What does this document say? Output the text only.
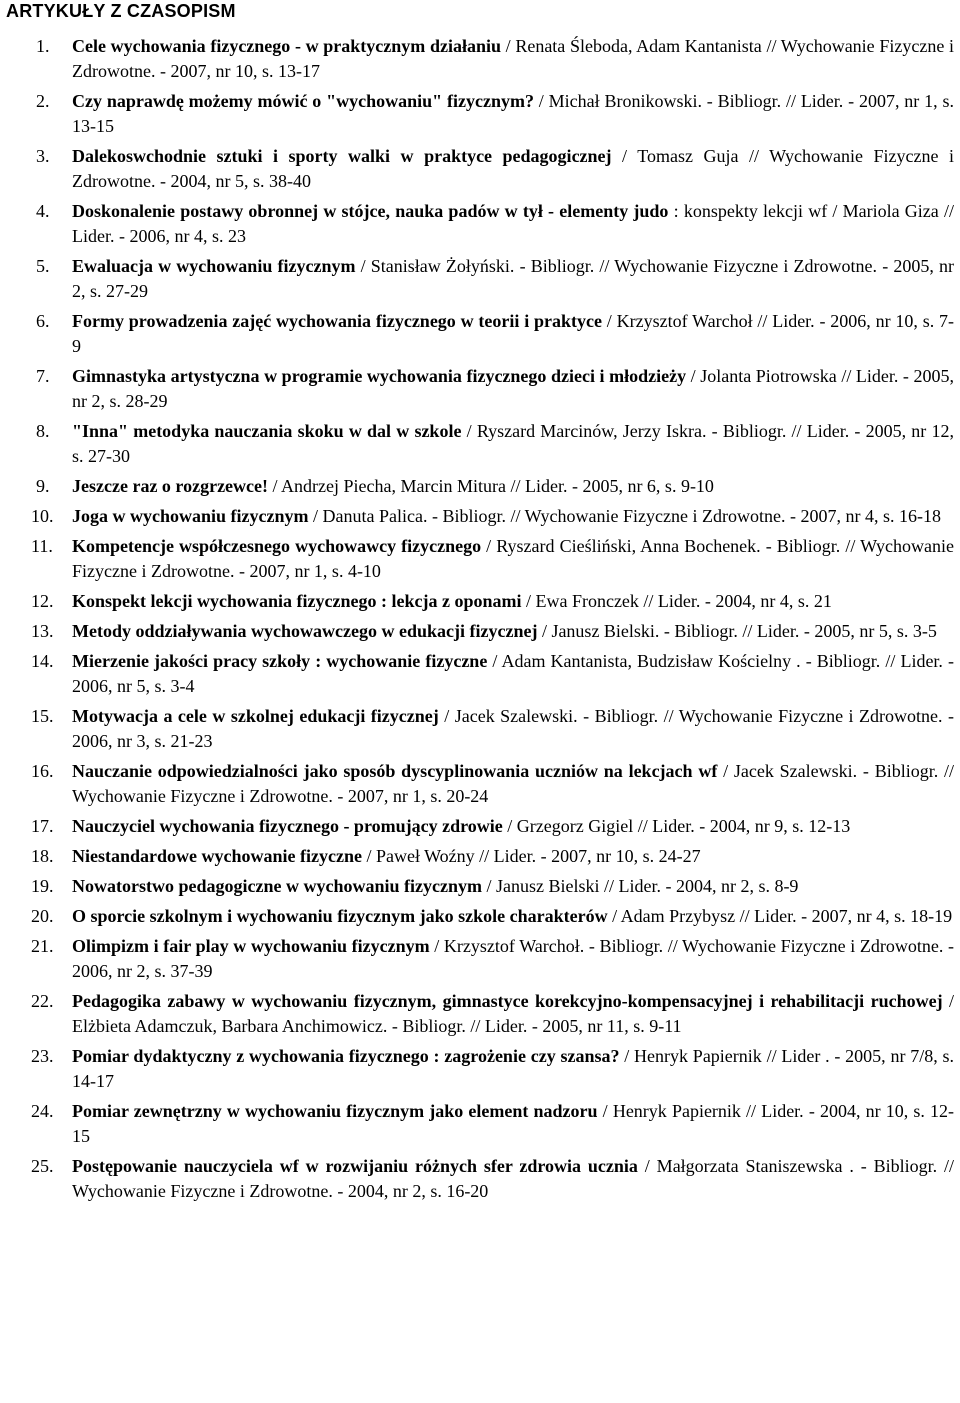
ARTYKUŁY Z CZASOPISM
1.	Cele wychowania fizycznego - w praktycznym działaniu / Renata Śleboda, Adam Kantanista // Wychowanie Fizyczne i Zdrowotne. - 2007, nr 10, s. 13-17
2.	Czy naprawdę możemy mówić o "wychowaniu" fizycznym? / Michał Bronikowski. - Bibliogr. // Lider. - 2007, nr 1, s. 13-15
3.	Dalekoswchodnie sztuki i sporty walki w praktyce pedagogicznej / Tomasz Guja // Wychowanie Fizyczne i Zdrowotne. - 2004, nr 5, s. 38-40
4.	Doskonalenie postawy obronnej w stójce, nauka padów w tył - elementy judo : konspekty lekcji wf / Mariola Giza // Lider. - 2006, nr 4, s. 23
5.	Ewaluacja w wychowaniu fizycznym / Stanisław Żołyński. - Bibliogr. // Wychowanie Fizyczne i Zdrowotne. - 2005, nr 2, s. 27-29
6.	Formy prowadzenia zajęć wychowania fizycznego w teorii i praktyce / Krzysztof Warchoł // Lider. - 2006, nr 10, s. 7-9
7.	Gimnastyka artystyczna w programie wychowania fizycznego dzieci i młodzieży / Jolanta Piotrowska // Lider. - 2005, nr 2, s. 28-29
8.	"Inna" metodyka nauczania skoku w dal w szkole / Ryszard Marcinów, Jerzy Iskra. - Bibliogr. // Lider. - 2005, nr 12, s. 27-30
9.	Jeszcze raz o rozgrzewce! / Andrzej Piecha, Marcin Mitura // Lider. - 2005, nr 6, s. 9-10
10.	Joga w wychowaniu fizycznym / Danuta Palica. - Bibliogr. // Wychowanie Fizyczne i Zdrowotne. - 2007, nr 4, s. 16-18
11.	Kompetencje współczesnego wychowawcy fizycznego / Ryszard Cieśliński, Anna Bochenek. - Bibliogr. // Wychowanie Fizyczne i Zdrowotne. - 2007, nr 1, s. 4-10
12.	Konspekt lekcji wychowania fizycznego : lekcja z oponami / Ewa Fronczek // Lider. - 2004, nr 4, s. 21
13.	Metody oddziaływania wychowawczego w edukacji fizycznej / Janusz Bielski. - Bibliogr. // Lider. - 2005, nr 5, s. 3-5
14.	Mierzenie jakości pracy szkoły : wychowanie fizyczne / Adam Kantanista, Budzisław Kościelny . - Bibliogr. // Lider. - 2006, nr 5, s. 3-4
15.	Motywacja a cele w szkolnej edukacji fizycznej / Jacek Szalewski. - Bibliogr. // Wychowanie Fizyczne i Zdrowotne. - 2006, nr 3, s. 21-23
16.	Nauczanie odpowiedzialności jako sposób dyscyplinowania uczniów na lekcjach wf / Jacek Szalewski. - Bibliogr. // Wychowanie Fizyczne i Zdrowotne. - 2007, nr 1, s. 20-24
17.	Nauczyciel wychowania fizycznego - promujący zdrowie / Grzegorz Gigiel // Lider. - 2004, nr 9, s. 12-13
18.	Niestandardowe wychowanie fizyczne / Paweł Woźny // Lider. - 2007, nr 10, s. 24-27
19.	Nowatorstwo pedagogiczne w wychowaniu fizycznym / Janusz Bielski // Lider. - 2004, nr 2, s. 8-9
20.	O sporcie szkolnym i wychowaniu fizycznym jako szkole charakterów / Adam Przybysz // Lider. - 2007, nr 4, s. 18-19
21.	Olimpizm i fair play w wychowaniu fizycznym / Krzysztof Warchoł. - Bibliogr. // Wychowanie Fizyczne i Zdrowotne. - 2006, nr 2, s. 37-39
22.	Pedagogika zabawy w wychowaniu fizycznym, gimnastyce korekcyjno-kompensacyjnej i rehabilitacji ruchowej / Elżbieta Adamczuk, Barbara Anchimowicz. - Bibliogr. // Lider. - 2005, nr 11, s. 9-11
23.	Pomiar dydaktyczny z wychowania fizycznego : zagrożenie czy szansa? / Henryk Papiernik // Lider . - 2005, nr 7/8, s. 14-17
24.	Pomiar zewnętrzny w wychowaniu fizycznym jako element nadzoru / Henryk Papiernik // Lider. - 2004, nr 10, s. 12-15
25.	Postępowanie nauczyciela wf w rozwijaniu różnych sfer zdrowia ucznia / Małgorzata Staniszewska . - Bibliogr. // Wychowanie Fizyczne i Zdrowotne. - 2004, nr 2, s. 16-20
